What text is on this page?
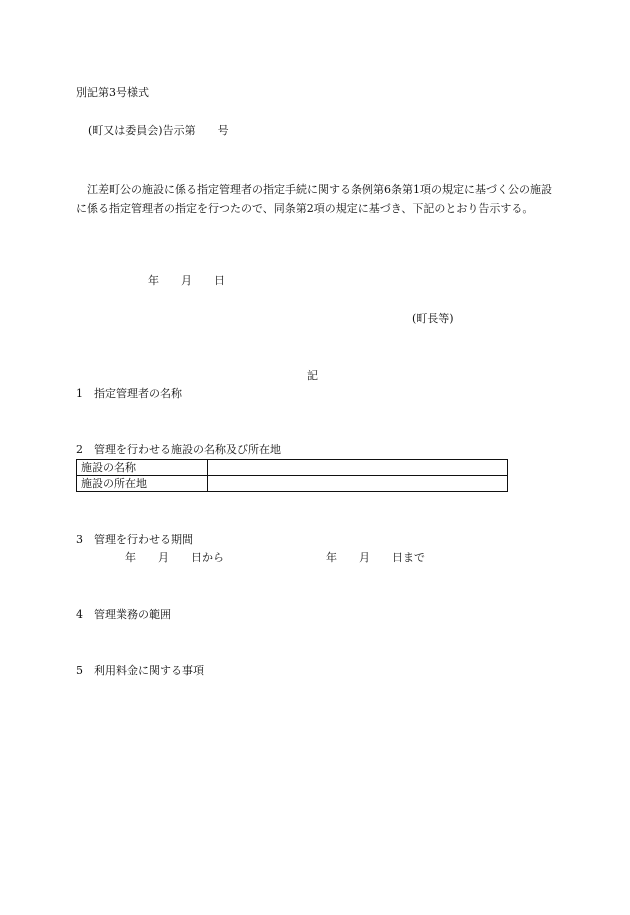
別記第3号様式
(町又は委員会)告示第　　号
江差町公の施設に係る指定管理者の指定手続に関する条例第6条第1項の規定に基づく公の施設に係る指定管理者の指定を行つたので、同条第2項の規定に基づき、下記のとおり告示する。
年　　月　　日
(町長等)
記
1　指定管理者の名称
2　管理を行わせる施設の名称及び所在地
施設の名称	
施設の所在地	
3　管理を行わせる期間
年　　月　　日から	年　　月　　日まで
4　管理業務の範囲
5　利用料金に関する事項
